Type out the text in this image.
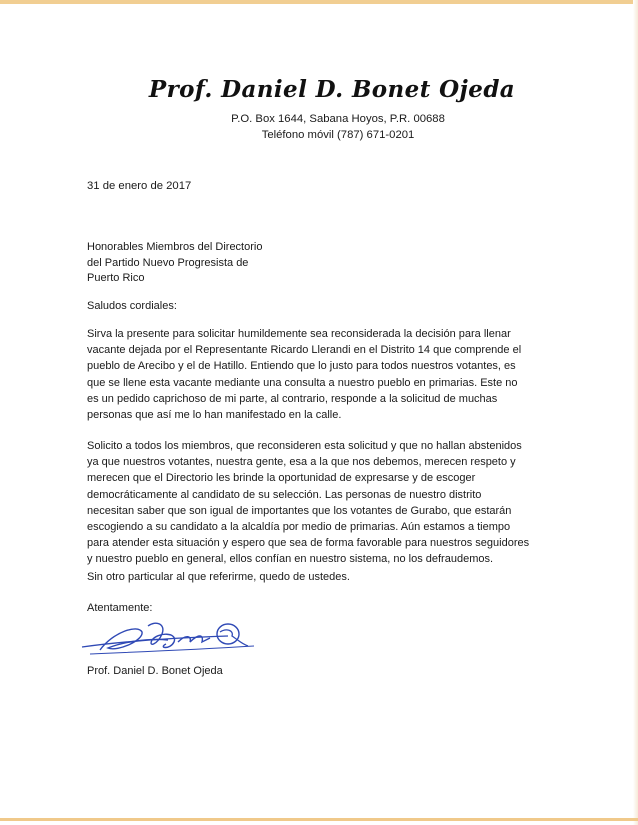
Prof. Daniel D. Bonet Ojeda
P.O. Box 1644, Sabana Hoyos, P.R. 00688
Teléfono móvil (787) 671-0201
31 de enero de 2017
Honorables Miembros del Directorio
del Partido Nuevo Progresista de
Puerto Rico
Saludos cordiales:
Sirva la presente para solicitar humildemente sea reconsiderada la decisión para llenar
vacante dejada por el Representante Ricardo Llerandi en el Distrito 14 que comprende el
pueblo de Arecibo y el de Hatillo. Entiendo que lo justo para todos nuestros votantes, es
que se llene esta vacante mediante una consulta a nuestro pueblo en primarias. Este no
es un pedido caprichoso de mi parte, al contrario, responde a la solicitud de muchas
personas que así me lo han manifestado en la calle.
Solicito a todos los miembros, que reconsideren esta solicitud y que no hallan abstenidos
ya que nuestros votantes, nuestra gente, esa a la que nos debemos, merecen respeto y
merecen que el Directorio les brinde la oportunidad de expresarse y de escoger
democráticamente al candidato de su selección. Las personas de nuestro distrito
necesitan saber que son igual de importantes que los votantes de Gurabo, que estarán
escogiendo a su candidato a la alcaldía por medio de primarias. Aún estamos a tiempo
para atender esta situación y espero que sea de forma favorable para nuestros seguidores
y nuestro pueblo en general, ellos confían en nuestro sistema, no los defraudemos.
Sin otro particular al que referirme, quedo de ustedes.
Atentamente:
Prof. Daniel D. Bonet Ojeda
